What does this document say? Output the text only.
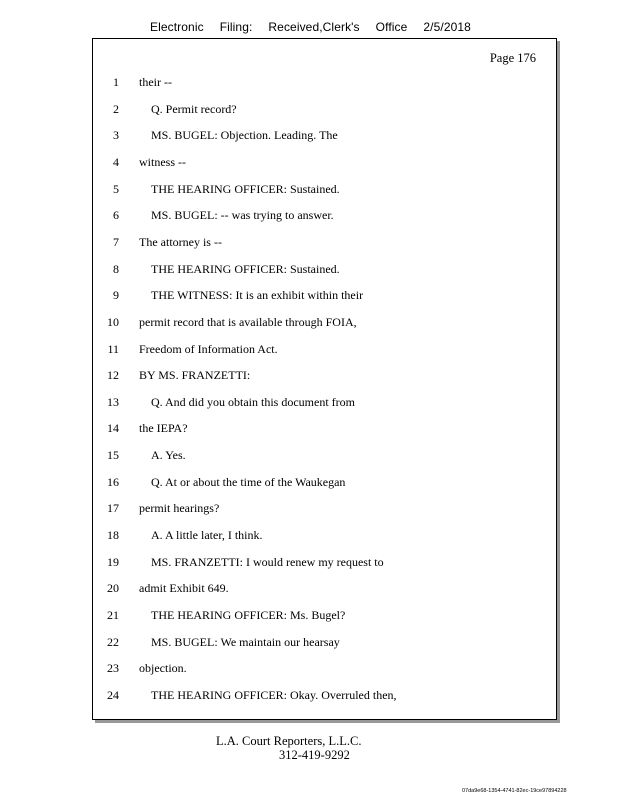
Electronic Filing: Received,Clerk's Office 2/5/2018
Page 176
1 their --
2	Q. Permit record?
3	MS. BUGEL: Objection. Leading. The
4 witness --
5	THE HEARING OFFICER: Sustained.
6	MS. BUGEL: -- was trying to answer.
7 The attorney is --
8	THE HEARING OFFICER: Sustained.
9	THE WITNESS: It is an exhibit within their
10 permit record that is available through FOIA,
11 Freedom of Information Act.
12 BY MS. FRANZETTI:
13	Q. And did you obtain this document from
14 the IEPA?
15	A. Yes.
16	Q. At or about the time of the Waukegan
17 permit hearings?
18	A. A little later, I think.
19	MS. FRANZETTI: I would renew my request to
20 admit Exhibit 649.
21	THE HEARING OFFICER: Ms. Bugel?
22	MS. BUGEL: We maintain our hearsay
23 objection.
24	THE HEARING OFFICER: Okay. Overruled then,
L.A. Court Reporters, L.L.C.
312-419-9292
07da9e68-1354-4741-82ec-19ce97894228
